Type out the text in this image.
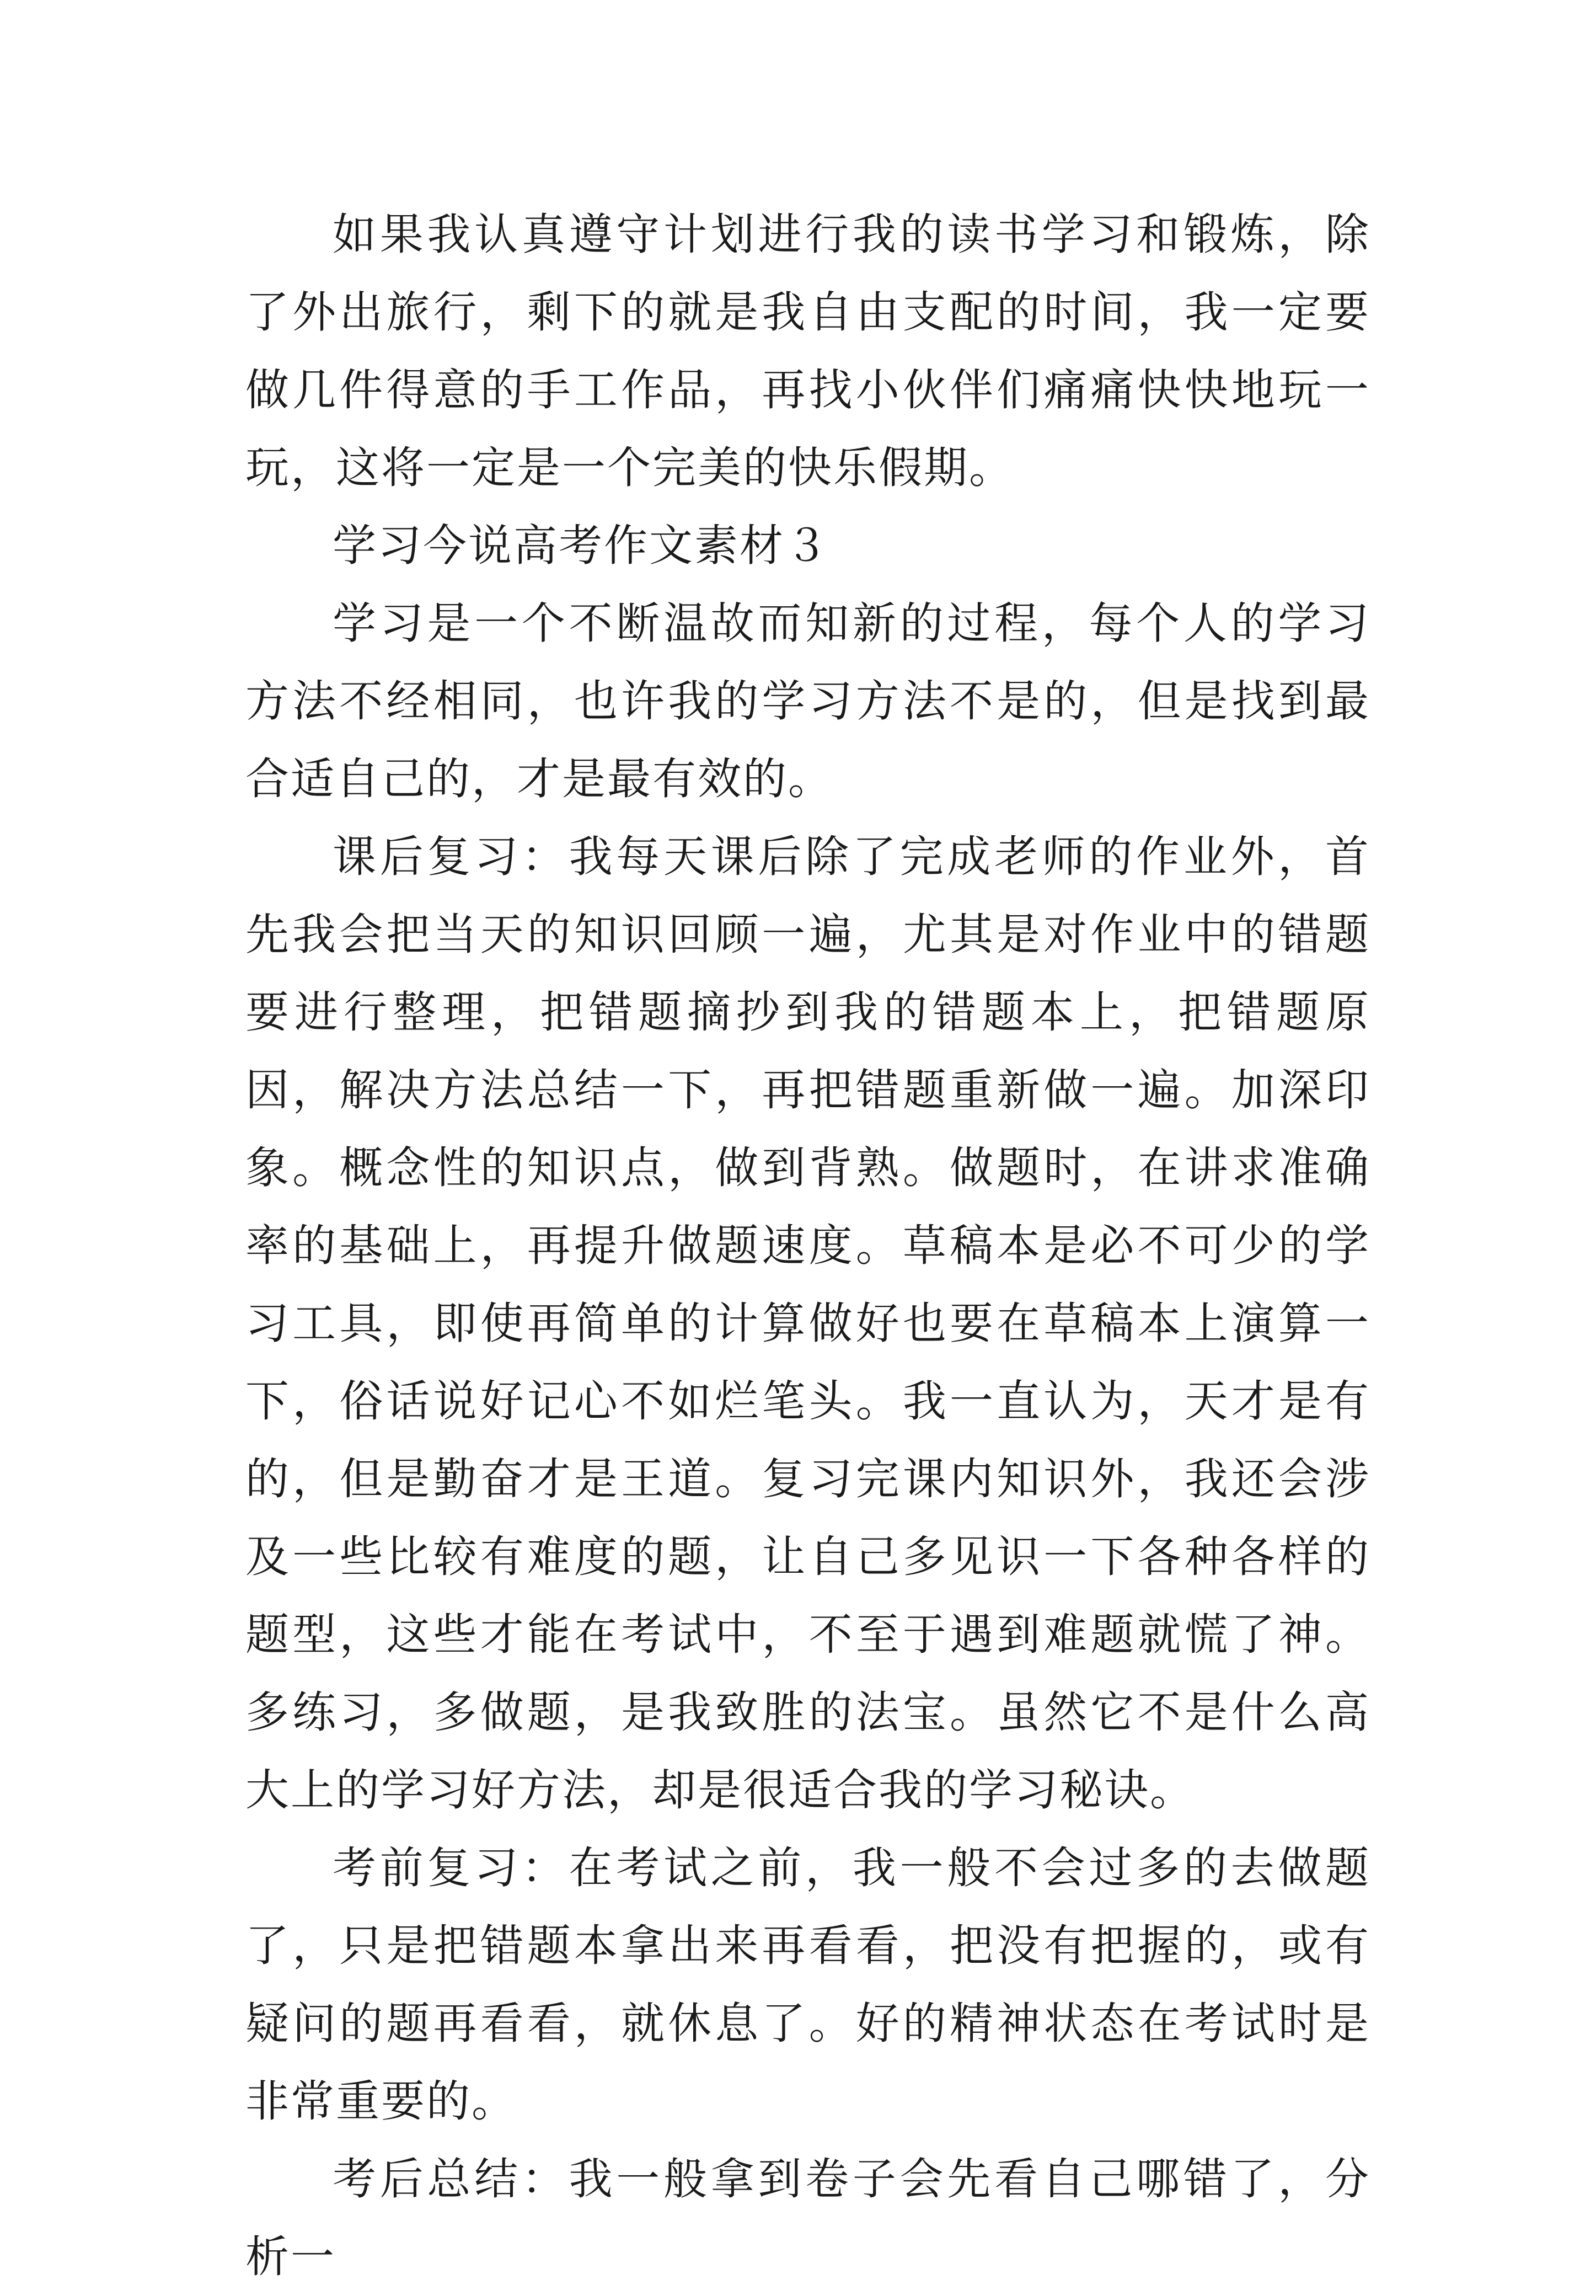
如果我认真遵守计划进行我的读书学习和锻炼，除了外出旅行，剩下的就是我自由支配的时间，我一定要做几件得意的手工作品，再找小伙伴们痛痛快快地玩一玩，这将一定是一个完美的快乐假期。

学习今说高考作文素材３

学习是一个不断温故而知新的过程，每个人的学习方法不经相同，也许我的学习方法不是的，但是找到最合适自己的，才是最有效的。

课后复习：我每天课后除了完成老师的作业外，首先我会把当天的知识回顾一遍，尤其是对作业中的错题要进行整理，把错题摘抄到我的错题本上，把错题原因，解决方法总结一下，再把错题重新做一遍。加深印象。概念性的知识点，做到背熟。做题时，在讲求准确率的基础上，再提升做题速度。草稿本是必不可少的学习工具，即使再简单的计算做好也要在草稿本上演算一下，俗话说好记心不如烂笔头。我一直认为，天才是有的，但是勤奋才是王道。复习完课内知识外，我还会涉及一些比较有难度的题，让自己多见识一下各种各样的题型，这些才能在考试中，不至于遇到难题就慌了神。多练习，多做题，是我致胜的法宝。虽然它不是什么高大上的学习好方法，却是很适合我的学习秘诀。

考前复习：在考试之前，我一般不会过多的去做题了，只是把错题本拿出来再看看，把没有把握的，或有疑问的题再看看，就休息了。好的精神状态在考试时是非常重要的。

考后总结：我一般拿到卷子会先看自己哪错了，分析一
